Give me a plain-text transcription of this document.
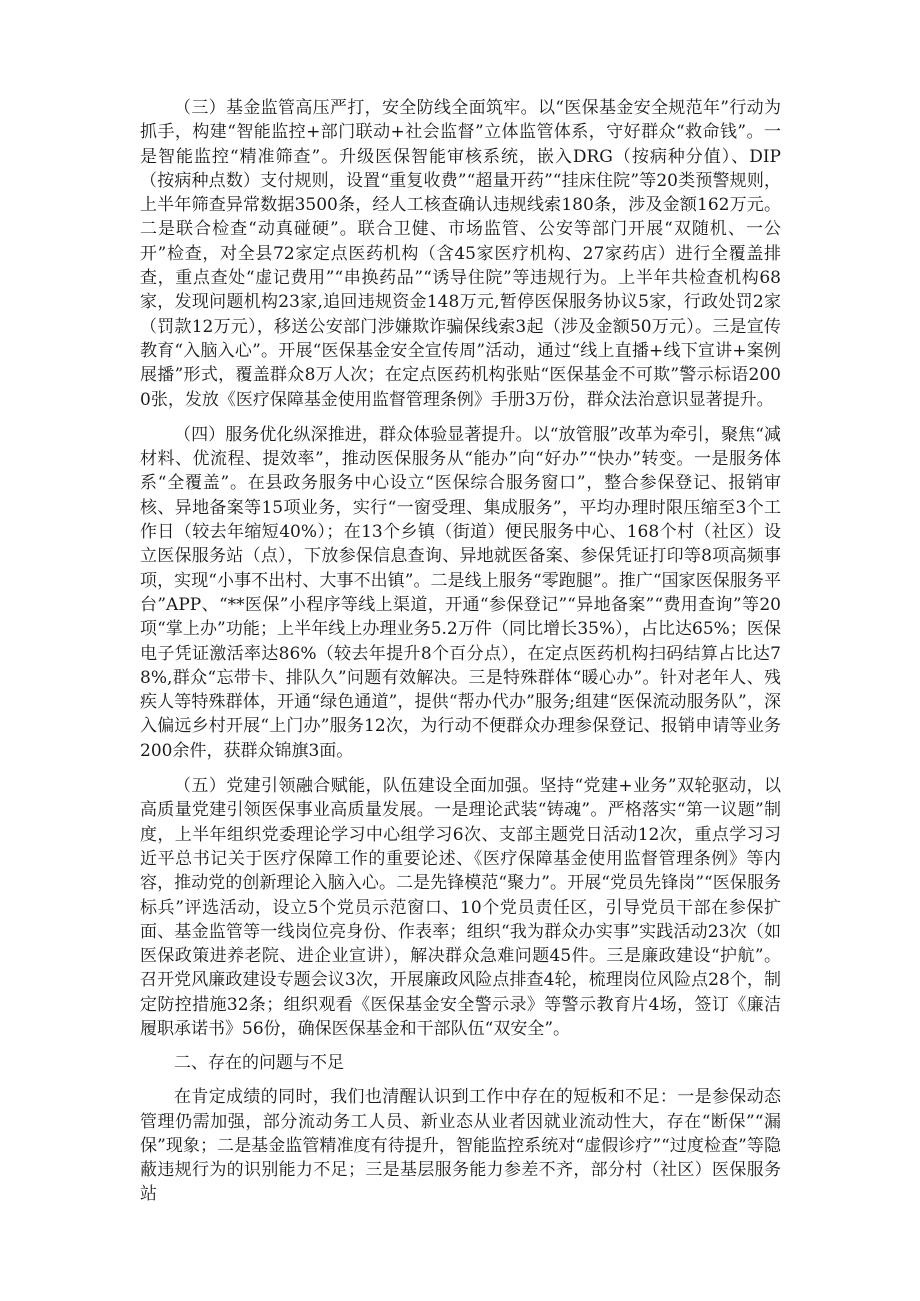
（三）基金监管高压严打，安全防线全面筑牢。以“医保基金安全规范年”行动为抓手，构建“智能监控+部门联动+社会监督”立体监管体系，守好群众“救命钱”。一是智能监控“精准筛查”。升级医保智能审核系统，嵌入DRG（按病种分值）、DIP（按病种点数）支付规则，设置“重复收费”“超量开药”“挂床住院”等20类预警规则，上半年筛查异常数据3500条，经人工核查确认违规线索180条，涉及金额162万元。二是联合检查“动真碰硬”。联合卫健、市场监管、公安等部门开展“双随机、一公开”检查，对全县72家定点医药机构（含45家医疗机构、27家药店）进行全覆盖排查，重点查处“虚记费用”“串换药品”“诱导住院”等违规行为。上半年共检查机构68家，发现问题机构23家,追回违规资金148万元,暂停医保服务协议5家，行政处罚2家（罚款12万元），移送公安部门涉嫌欺诈骗保线索3起（涉及金额50万元）。三是宣传教育“入脑入心”。开展“医保基金安全宣传周”活动，通过“线上直播+线下宣讲+案例展播”形式，覆盖群众8万人次；在定点医药机构张贴“医保基金不可欺”警示标语2000张，发放《医疗保障基金使用监督管理条例》手册3万份，群众法治意识显著提升。

（四）服务优化纵深推进，群众体验显著提升。以“放管服”改革为牵引，聚焦“减材料、优流程、提效率”，推动医保服务从“能办”向“好办”“快办”转变。一是服务体系“全覆盖”。在县政务服务中心设立“医保综合服务窗口”，整合参保登记、报销审核、异地备案等15项业务，实行“一窗受理、集成服务”，平均办理时限压缩至3个工作日（较去年缩短40%）；在13个乡镇（街道）便民服务中心、168个村（社区）设立医保服务站（点），下放参保信息查询、异地就医备案、参保凭证打印等8项高频事项，实现“小事不出村、大事不出镇”。二是线上服务“零跑腿”。推广“国家医保服务平台”APP、“**医保”小程序等线上渠道，开通“参保登记”“异地备案”“费用查询”等20项“掌上办”功能；上半年线上办理业务5.2万件（同比增长35%），占比达65%；医保电子凭证激活率达86%（较去年提升8个百分点），在定点医药机构扫码结算占比达78%,群众“忘带卡、排队久”问题有效解决。三是特殊群体“暖心办”。针对老年人、残疾人等特殊群体，开通“绿色通道”，提供“帮办代办”服务;组建“医保流动服务队”，深入偏远乡村开展“上门办”服务12次，为行动不便群众办理参保登记、报销申请等业务200余件，获群众锦旗3面。

（五）党建引领融合赋能，队伍建设全面加强。坚持“党建+业务”双轮驱动，以高质量党建引领医保事业高质量发展。一是理论武装“铸魂”。严格落实“第一议题”制度，上半年组织党委理论学习中心组学习6次、支部主题党日活动12次，重点学习习近平总书记关于医疗保障工作的重要论述、《医疗保障基金使用监督管理条例》等内容，推动党的创新理论入脑入心。二是先锋模范“聚力”。开展“党员先锋岗”“医保服务标兵”评选活动，设立5个党员示范窗口、10个党员责任区，引导党员干部在参保扩面、基金监管等一线岗位亮身份、作表率；组织“我为群众办实事”实践活动23次（如医保政策进养老院、进企业宣讲），解决群众急难问题45件。三是廉政建设“护航”。召开党风廉政建设专题会议3次，开展廉政风险点排查4轮，梳理岗位风险点28个，制定防控措施32条；组织观看《医保基金安全警示录》等警示教育片4场，签订《廉洁履职承诺书》56份，确保医保基金和干部队伍“双安全”。

二、存在的问题与不足

在肯定成绩的同时，我们也清醒认识到工作中存在的短板和不足：一是参保动态管理仍需加强，部分流动务工人员、新业态从业者因就业流动性大，存在“断保”“漏保”现象；二是基金监管精准度有待提升，智能监控系统对“虚假诊疗”“过度检查”等隐蔽违规行为的识别能力不足；三是基层服务能力参差不齐，部分村（社区）医保服务站
